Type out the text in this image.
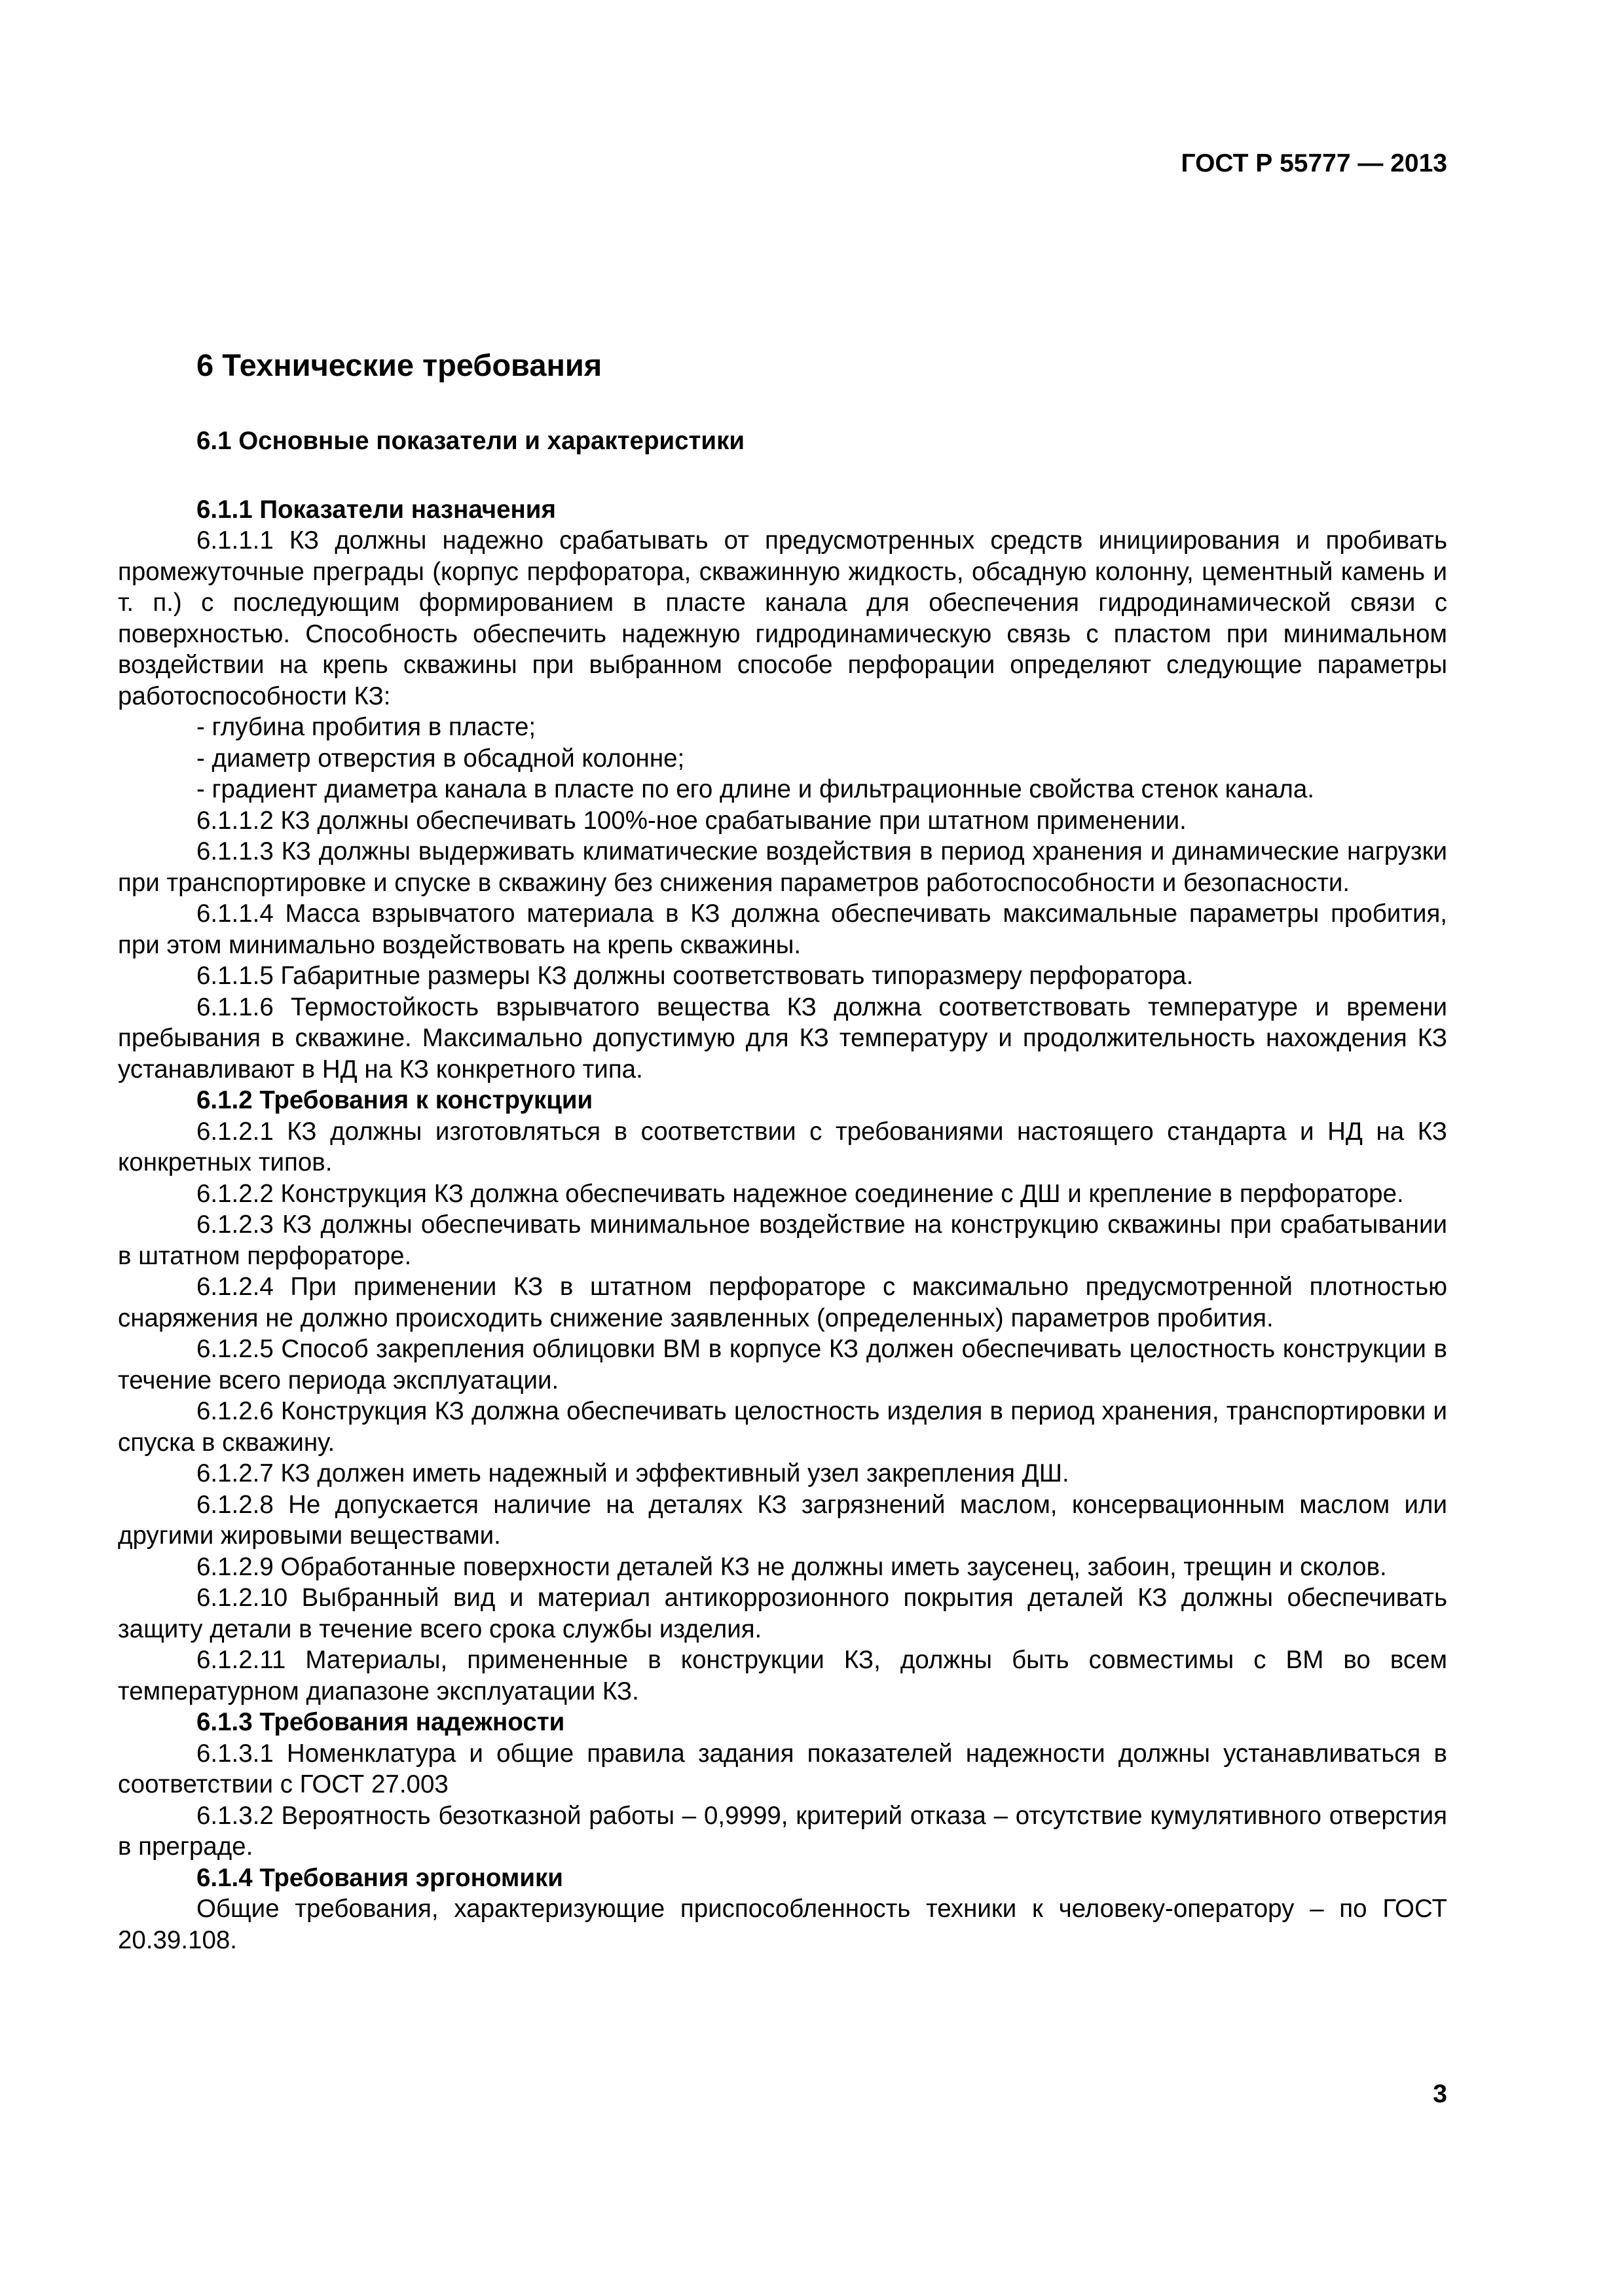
ГОСТ Р 55777 — 2013
6 Технические требования
6.1 Основные показатели и характеристики
6.1.1 Показатели назначения

6.1.1.1 КЗ должны надежно срабатывать от предусмотренных средств инициирования и пробивать промежуточные преграды (корпус перфоратора, скважинную жидкость, обсадную колонну, цементный камень и т. п.) с последующим формированием в пласте канала для обеспечения гидродинамической связи с поверхностью. Способность обеспечить надежную гидродинамическую связь с пластом при минимальном воздействии на крепь скважины при выбранном способе перфорации определяют следующие параметры работоспособности КЗ:

- глубина пробития в пласте;
- диаметр отверстия в обсадной колонне;
- градиент диаметра канала в пласте по его длине и фильтрационные свойства стенок канала.

6.1.1.2 КЗ должны обеспечивать 100%-ное срабатывание при штатном применении.

6.1.1.3 КЗ должны выдерживать климатические воздействия в период хранения и динамические нагрузки при транспортировке и спуске в скважину без снижения параметров работоспособности и безопасности.

6.1.1.4 Масса взрывчатого материала в КЗ должна обеспечивать максимальные параметры пробития, при этом минимально воздействовать на крепь скважины.

6.1.1.5 Габаритные размеры КЗ должны соответствовать типоразмеру перфоратора.

6.1.1.6 Термостойкость взрывчатого вещества КЗ должна соответствовать температуре и времени пребывания в скважине. Максимально допустимую для КЗ температуру и продолжительность нахождения КЗ устанавливают в НД на КЗ конкретного типа.

6.1.2 Требования к конструкции

6.1.2.1 КЗ должны изготовляться в соответствии с требованиями настоящего стандарта и НД на КЗ конкретных типов.

6.1.2.2 Конструкция КЗ должна обеспечивать надежное соединение с ДШ и крепление в перфораторе.

6.1.2.3 КЗ должны обеспечивать минимальное воздействие на конструкцию скважины при срабатывании в штатном перфораторе.

6.1.2.4 При применении КЗ в штатном перфораторе с максимально предусмотренной плотностью снаряжения не должно происходить снижение заявленных (определенных) параметров пробития.

6.1.2.5 Способ закрепления облицовки ВМ в корпусе КЗ должен обеспечивать целостность конструкции в течение всего периода эксплуатации.

6.1.2.6 Конструкция КЗ должна обеспечивать целостность изделия в период хранения, транспортировки и спуска в скважину.

6.1.2.7 КЗ должен иметь надежный и эффективный узел закрепления ДШ.

6.1.2.8 Не допускается наличие на деталях КЗ загрязнений маслом, консервационным маслом или другими жировыми веществами.

6.1.2.9 Обработанные поверхности деталей КЗ не должны иметь заусенец, забоин, трещин и сколов.

6.1.2.10 Выбранный вид и материал антикоррозионного покрытия деталей КЗ должны обеспечивать защиту детали в течение всего срока службы изделия.

6.1.2.11 Материалы, примененные в конструкции КЗ, должны быть совместимы с ВМ во всем температурном диапазоне эксплуатации КЗ.

6.1.3 Требования надежности

6.1.3.1 Номенклатура и общие правила задания показателей надежности должны устанавливаться в соответствии с ГОСТ 27.003

6.1.3.2 Вероятность безотказной работы – 0,9999, критерий отказа – отсутствие кумулятивного отверстия в преграде.

6.1.4 Требования эргономики

Общие требования, характеризующие приспособленность техники к человеку-оператору – по ГОСТ 20.39.108.

3
